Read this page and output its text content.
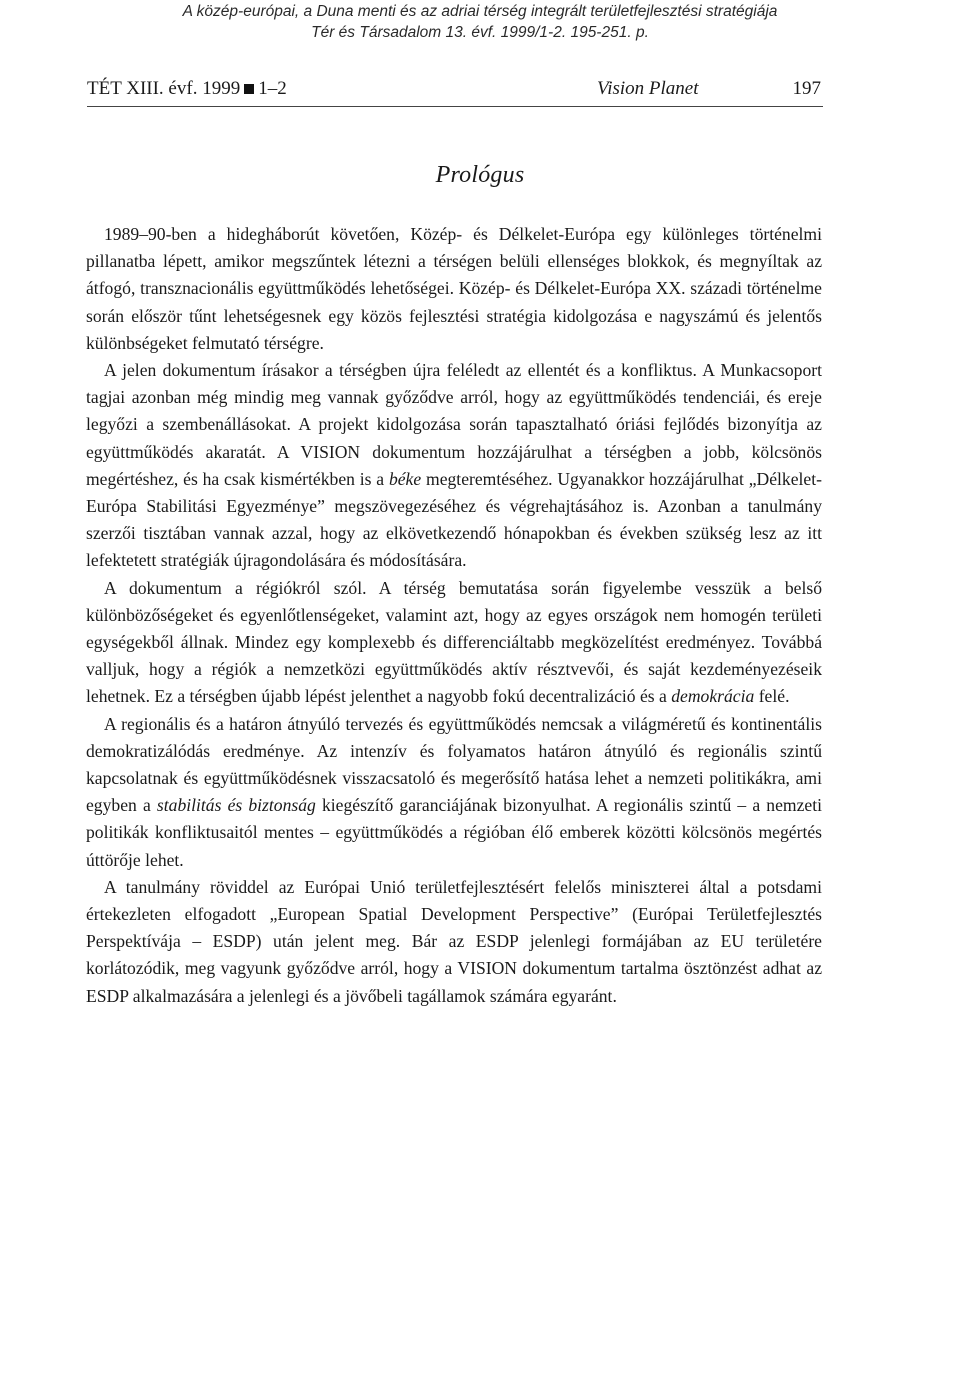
A közép-európai, a Duna menti és az adriai térség integrált területfejlesztési stratégiája
Tér és Társadalom 13. évf. 1999/1-2. 195-251. p.
TÉT XIII. évf. 1999 1–2	Vision Planet	197
Prológus

1989–90-ben a hidegháborút követően, Közép- és Délkelet-Európa egy különleges történelmi pillanatba lépett, amikor megszűntek létezni a térségen belüli ellenséges blokkok, és megnyíltak az átfogó, transznacionális együttműködés lehetőségei. Közép- és Délkelet-Európa XX. századi történelme során először tűnt lehetségesnek egy közös fejlesztési stratégia kidolgozása e nagyszámú és jelentős különbségeket felmutató térségre.

A jelen dokumentum írásakor a térségben újra feléledt az ellentét és a konfliktus. A Munkacsoport tagjai azonban még mindig meg vannak győződve arról, hogy az együttműködés tendenciái, és ereje legyőzi a szembenállásokat. A projekt kidolgozása során tapasztalható óriási fejlődés bizonyítja az együttműködés akaratát. A VISION dokumentum hozzájárulhat a térségben a jobb, kölcsönös megértéshez, és ha csak kismértékben is a béke megteremtéséhez. Ugyanakkor hozzájárulhat „Délkelet-Európa Stabilitási Egyezménye” megszövegezéséhez és végrehajtásához is. Azonban a tanulmány szerzői tisztában vannak azzal, hogy az elkövetkezendő hónapokban és években szükség lesz az itt lefektetett stratégiák újragondolására és módosítására.

A dokumentum a régiókról szól. A térség bemutatása során figyelembe vesszük a belső különbözőségeket és egyenlőtlenségeket, valamint azt, hogy az egyes országok nem homogén területi egységekből állnak. Mindez egy komplexebb és differenciáltabb megközelítést eredményez. Továbbá valljuk, hogy a régiók a nemzetközi együttműködés aktív résztvevői, és saját kezdeményezéseik lehetnek. Ez a térségben újabb lépést jelenthet a nagyobb fokú decentralizáció és a demokrácia felé.

A regionális és a határon átnyúló tervezés és együttműködés nemcsak a világméretű és kontinentális demokratizálódás eredménye. Az intenzív és folyamatos határon átnyúló és regionális szintű kapcsolatnak és együttműködésnek visszacsatoló és megerősítő hatása lehet a nemzeti politikákra, ami egyben a stabilitás és biztonság kiegészítő garanciájának bizonyulhat. A regionális szintű – a nemzeti politikák konfliktusaitól mentes – együttműködés a régióban élő emberek közötti kölcsönös megértés úttörője lehet.

A tanulmány röviddel az Európai Unió területfejlesztésért felelős miniszterei által a potsdami értekezleten elfogadott „European Spatial Development Perspective” (Európai Területfejlesztés Perspektívája – ESDP) után jelent meg. Bár az ESDP jelenlegi formájában az EU területére korlátozódik, meg vagyunk győződve arról, hogy a VISION dokumentum tartalma ösztönzést adhat az ESDP alkalmazására a jelenlegi és a jövőbeli tagállamok számára egyaránt.
